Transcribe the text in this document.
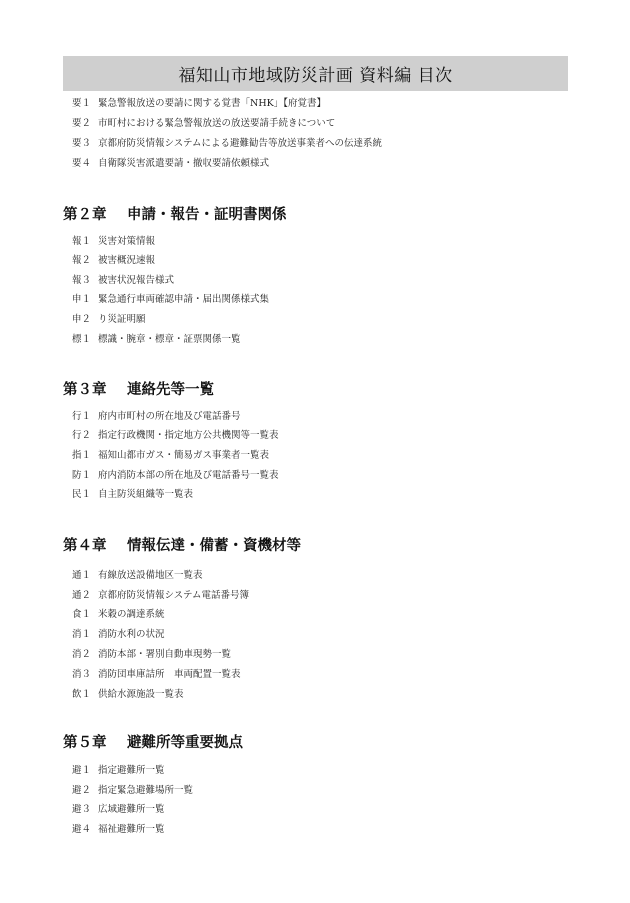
福知山市地域防災計画 資料編 目次
要１ 緊急警報放送の要請に関する覚書「NHK」【府覚書】
要２ 市町村における緊急警報放送の放送要請手続きについて
要３ 京都府防災情報システムによる避難勧告等放送事業者への伝達系統
要４ 自衛隊災害派遣要請・撤収要請依頼様式
第２章 申請・報告・証明書関係
報１ 災害対策情報
報２ 被害概況速報
報３ 被害状況報告様式
申１ 緊急通行車両確認申請・届出関係様式集
申２ り災証明願
標１ 標識・腕章・標章・証票関係一覧
第３章 連絡先等一覧
行１ 府内市町村の所在地及び電話番号
行２ 指定行政機関・指定地方公共機関等一覧表
指１ 福知山都市ガス・簡易ガス事業者一覧表
防１ 府内消防本部の所在地及び電話番号一覧表
民１ 自主防災組織等一覧表
第４章 情報伝達・備蓄・資機材等
通１ 有線放送設備地区一覧表
通２ 京都府防災情報システム電話番号簿
食１ 米穀の調達系統
消１ 消防水利の状況
消２ 消防本部・署別自動車現勢一覧
消３ 消防団車庫詰所　車両配置一覧表
飲１ 供給水源施設一覧表
第５章 避難所等重要拠点
避１ 指定避難所一覧
避２ 指定緊急避難場所一覧
避３ 広域避難所一覧
避４ 福祉避難所一覧
